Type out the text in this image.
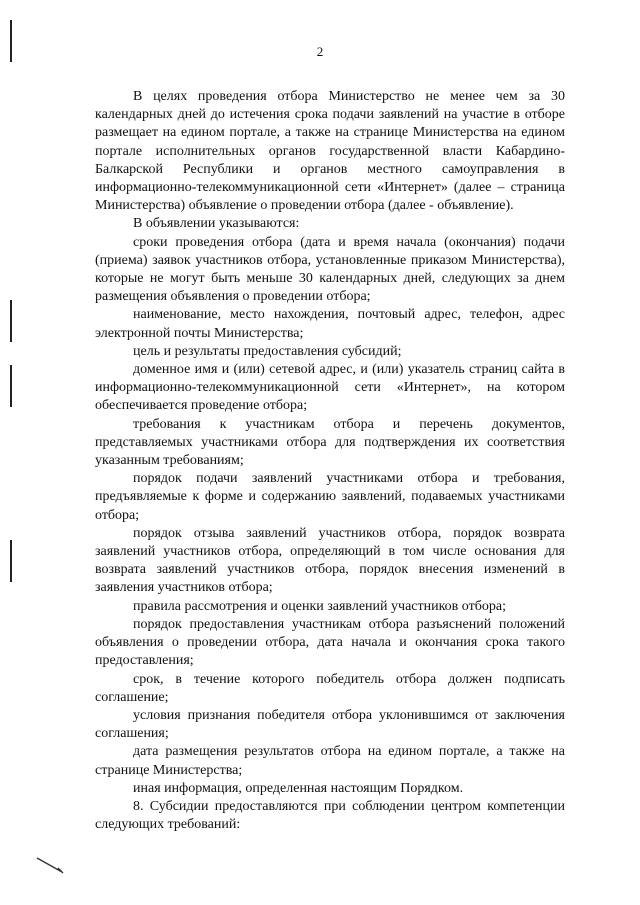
2

В целях проведения отбора Министерство не менее чем за 30 календарных дней до истечения срока подачи заявлений на участие в отборе размещает на едином портале, а также на странице Министерства на едином портале исполнительных органов государственной власти Кабардино-Балкарской Республики и органов местного самоуправления в информационно-телекоммуникационной сети «Интернет» (далее – страница Министерства) объявление о проведении отбора (далее - объявление).

В объявлении указываются:

сроки проведения отбора (дата и время начала (окончания) подачи (приема) заявок участников отбора, установленные приказом Министерства), которые не могут быть меньше 30 календарных дней, следующих за днем размещения объявления о проведении отбора;

наименование, место нахождения, почтовый адрес, телефон, адрес электронной почты Министерства;

цель и результаты предоставления субсидий;

доменное имя и (или) сетевой адрес, и (или) указатель страниц сайта в информационно-телекоммуникационной сети «Интернет», на котором обеспечивается проведение отбора;

требования к участникам отбора и перечень документов, представляемых участниками отбора для подтверждения их соответствия указанным требованиям;

порядок подачи заявлений участниками отбора и требования, предъявляемые к форме и содержанию заявлений, подаваемых участниками отбора;

порядок отзыва заявлений участников отбора, порядок возврата заявлений участников отбора, определяющий в том числе основания для возврата заявлений участников отбора, порядок внесения изменений в заявления участников отбора;

правила рассмотрения и оценки заявлений участников отбора;

порядок предоставления участникам отбора разъяснений положений объявления о проведении отбора, дата начала и окончания срока такого предоставления;

срок, в течение которого победитель отбора должен подписать соглашение;

условия признания победителя отбора уклонившимся от заключения соглашения;

дата размещения результатов отбора на едином портале, а также на странице Министерства;

иная информация, определенная настоящим Порядком.

8. Субсидии предоставляются при соблюдении центром компетенции следующих требований:
